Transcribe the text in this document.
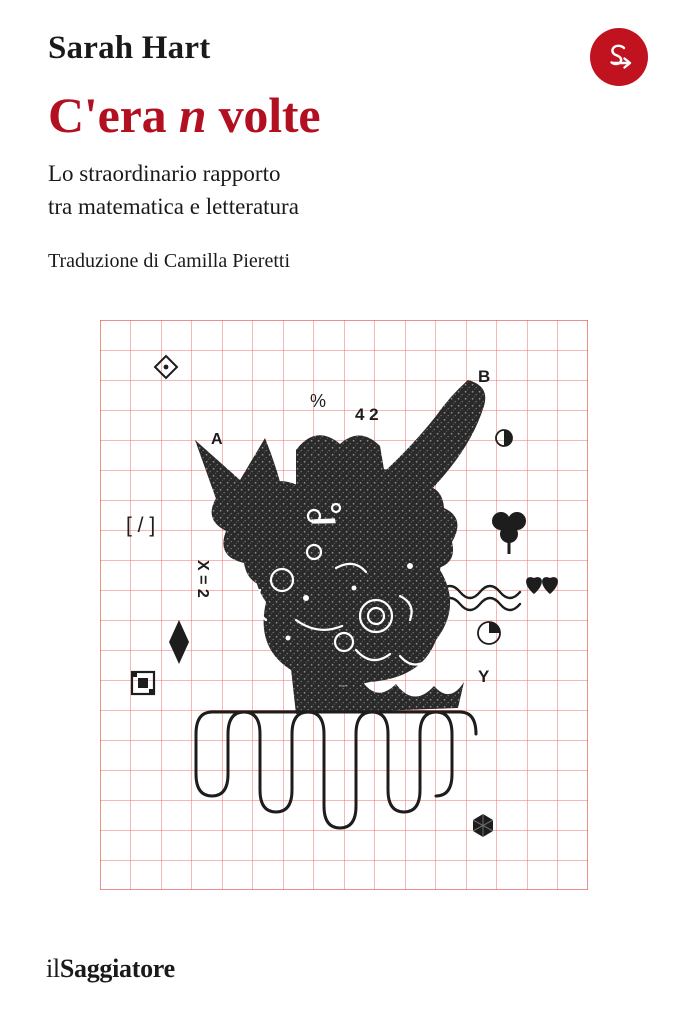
Sarah Hart
C'era n volte
Lo straordinario rapporto
tra matematica e letteratura
Traduzione di Camilla Pieretti
%
4 2
B
A
[ / ]
X = 2
Y
ilSaggiatore
